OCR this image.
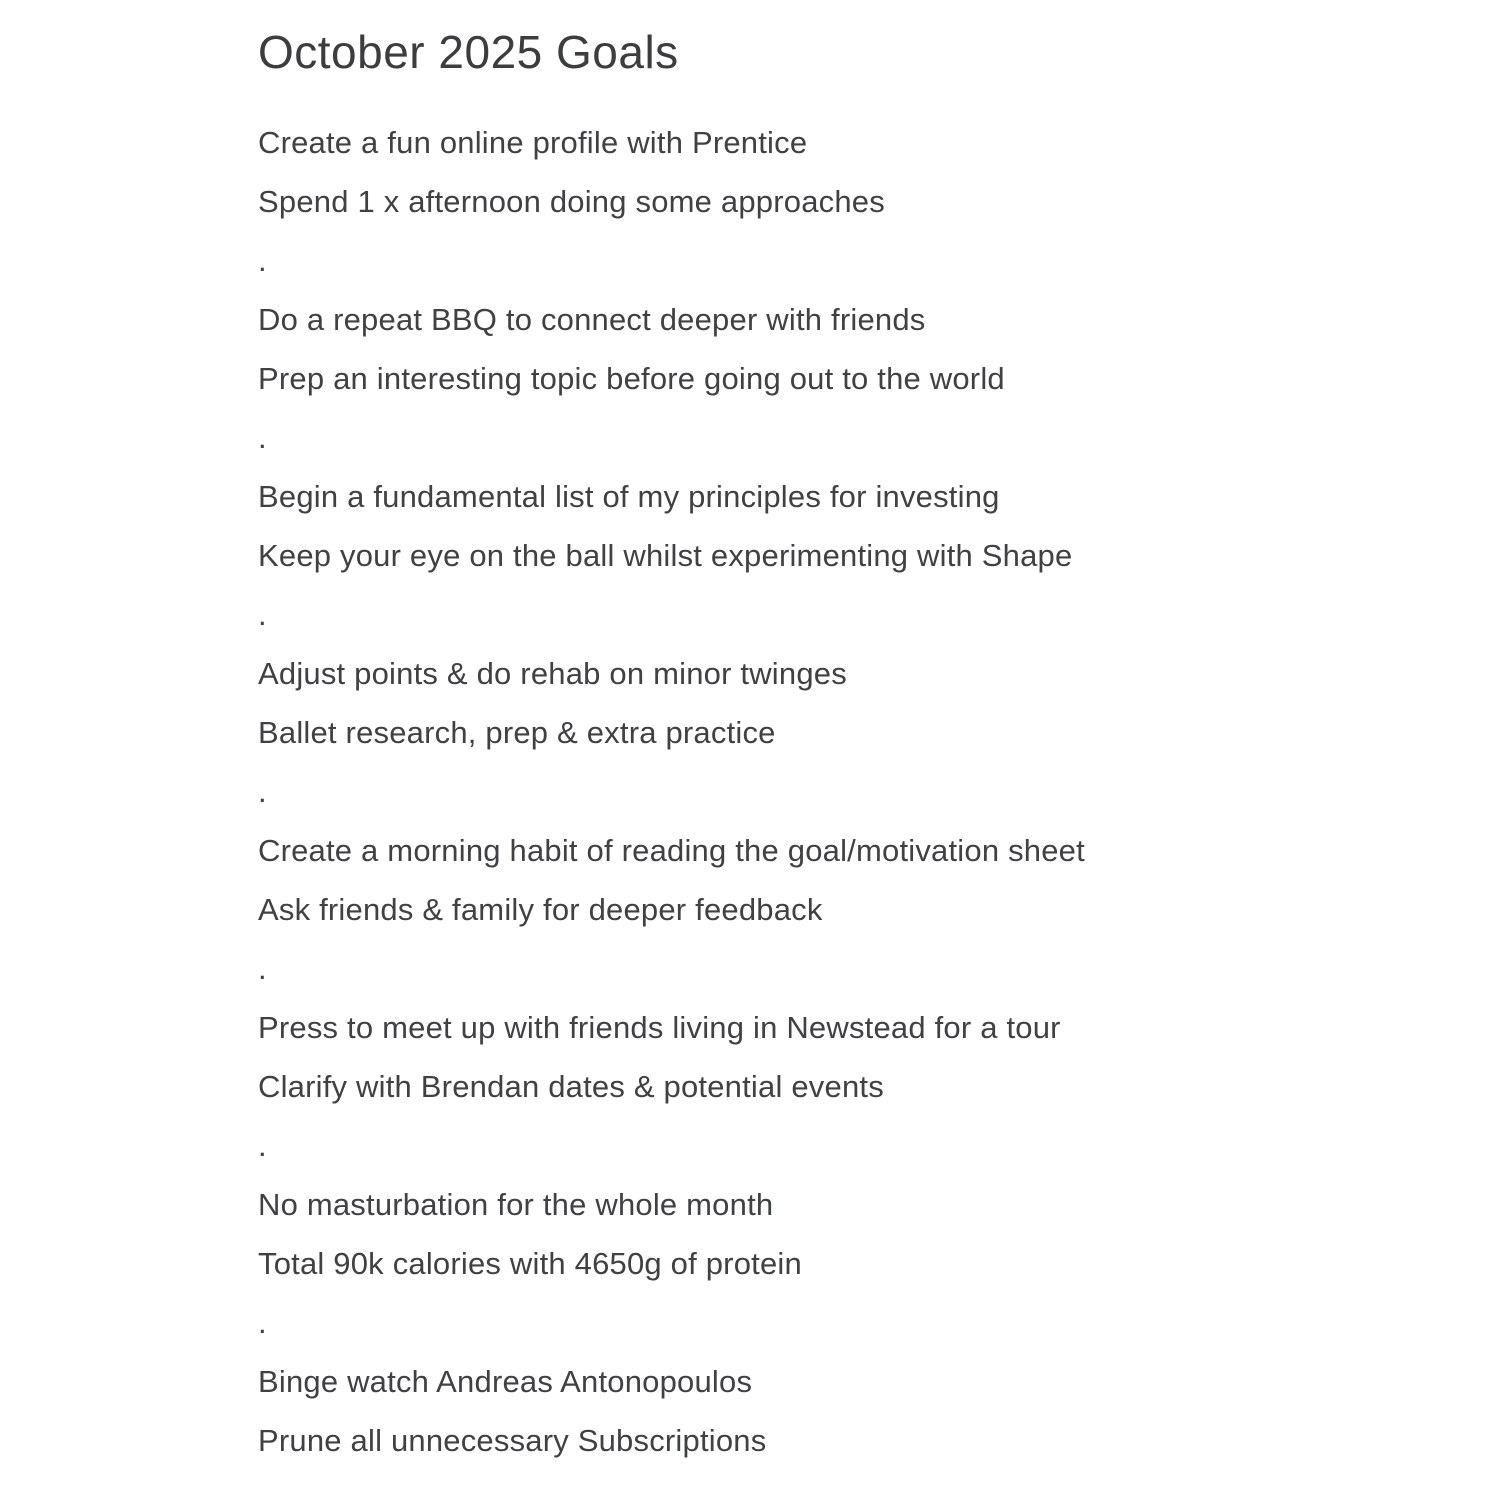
October 2025 Goals
Create a fun online profile with Prentice
Spend 1 x afternoon doing some approaches
.
Do a repeat BBQ to connect deeper with friends
Prep an interesting topic before going out to the world
.
Begin a fundamental list of my principles for investing
Keep your eye on the ball whilst experimenting with Shape
.
Adjust points & do rehab on minor twinges
Ballet research, prep & extra practice
.
Create a morning habit of reading the goal/motivation sheet
Ask friends & family for deeper feedback
.
Press to meet up with friends living in Newstead for a tour
Clarify with Brendan dates & potential events
.
No masturbation for the whole month
Total 90k calories with 4650g of protein
.
Binge watch Andreas Antonopoulos
Prune all unnecessary Subscriptions
